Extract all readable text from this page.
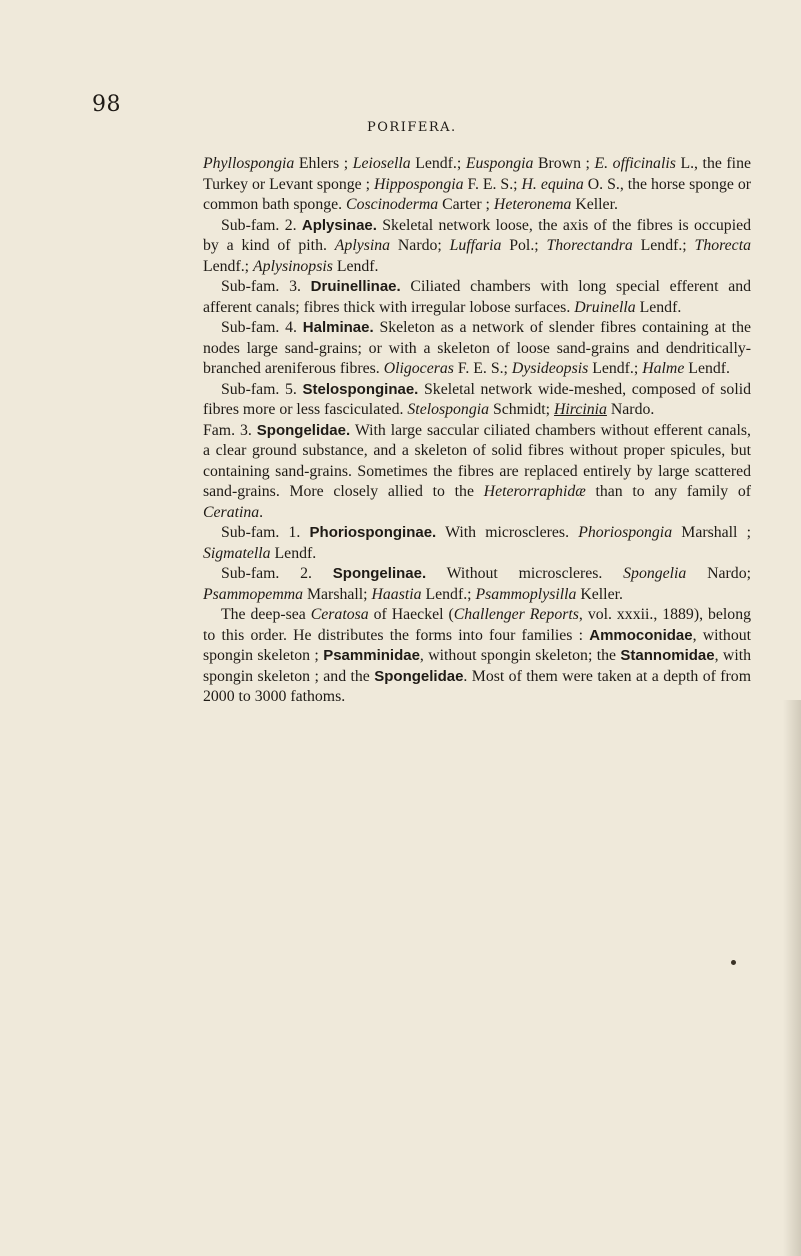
98
PORIFERA.

Phyllospongia Ehlers ; Leiosella Lendf.; Euspongia Brown ; E. officinalis L., the fine Turkey or Levant sponge ; Hippospongia F. E. S.; H. equina O. S., the horse sponge or common bath sponge. Coscinoderma Carter ; Heteronema Keller.

Sub-fam. 2. Aplysinae. Skeletal network loose, the axis of the fibres is occupied by a kind of pith. Aplysina Nardo; Luffaria Pol.; Thorectandra Lendf.; Thorecta Lendf.; Aplysinopsis Lendf.

Sub-fam. 3. Druinellinae. Ciliated chambers with long special efferent and afferent canals; fibres thick with irregular lobose surfaces. Druinella Lendf.

Sub-fam. 4. Halminae. Skeleton as a network of slender fibres containing at the nodes large sand-grains; or with a skeleton of loose sand-grains and dendritically-branched areniferous fibres. Oligoceras F. E. S.; Dysideopsis Lendf.; Halme Lendf.

Sub-fam. 5. Stelosponginae. Skeletal network wide-meshed, composed of solid fibres more or less fasciculated. Stelospongia Schmidt; Hircinia Nardo.

Fam. 3. Spongelidae. With large saccular ciliated chambers without efferent canals, a clear ground substance, and a skeleton of solid fibres without proper spicules, but containing sand-grains. Sometimes the fibres are replaced entirely by large scattered sand-grains. More closely allied to the Heterorraphidæ than to any family of Ceratina.

Sub-fam. 1. Phoriosponginae. With microscleres. Phoriospongia Marshall ; Sigmatella Lendf.

Sub-fam. 2. Spongelinae. Without microscleres. Spongelia Nardo; Psammopemma Marshall; Haastia Lendf.; Psammoplysilla Keller.

The deep-sea Ceratosa of Haeckel (Challenger Reports, vol. xxxii., 1889), belong to this order. He distributes the forms into four families : Ammoconidae, without spongin skeleton ; Psamminidae, without spongin skeleton; the Stannomidae, with spongin skeleton ; and the Spongelidae. Most of them were taken at a depth of from 2000 to 3000 fathoms.
